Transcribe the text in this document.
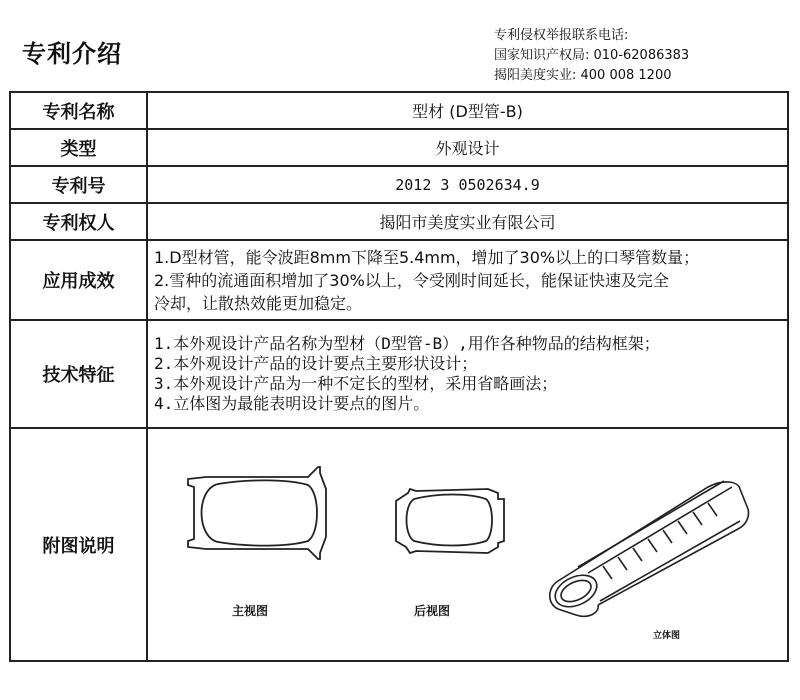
专利介绍
专利侵权举报联系电话:
国家知识产权局: 010-62086383
揭阳美度实业: 400 008 1200
专利名称	型材 (D型管-B)
类型	外观设计
专利号	2012 3 0502634.9
专利权人	揭阳市美度实业有限公司
应用成效	1.D型材管，能令波距8mm下降至5.4mm，增加了30%以上的口琴管数量；
2.雪种的流通面积增加了30%以上，令受刚时间延长，能保证快速及完全
冷却，让散热效能更加稳定。

技术特征	1.本外观设计产品名称为型材（D型管-B）,用作各种物品的结构框架；
2.本外观设计产品的设计要点主要形状设计；
3.本外观设计产品为一种不定长的型材，采用省略画法；
4.立体图为最能表明设计要点的图片。

附图说明	主视图 后视图
立体图
